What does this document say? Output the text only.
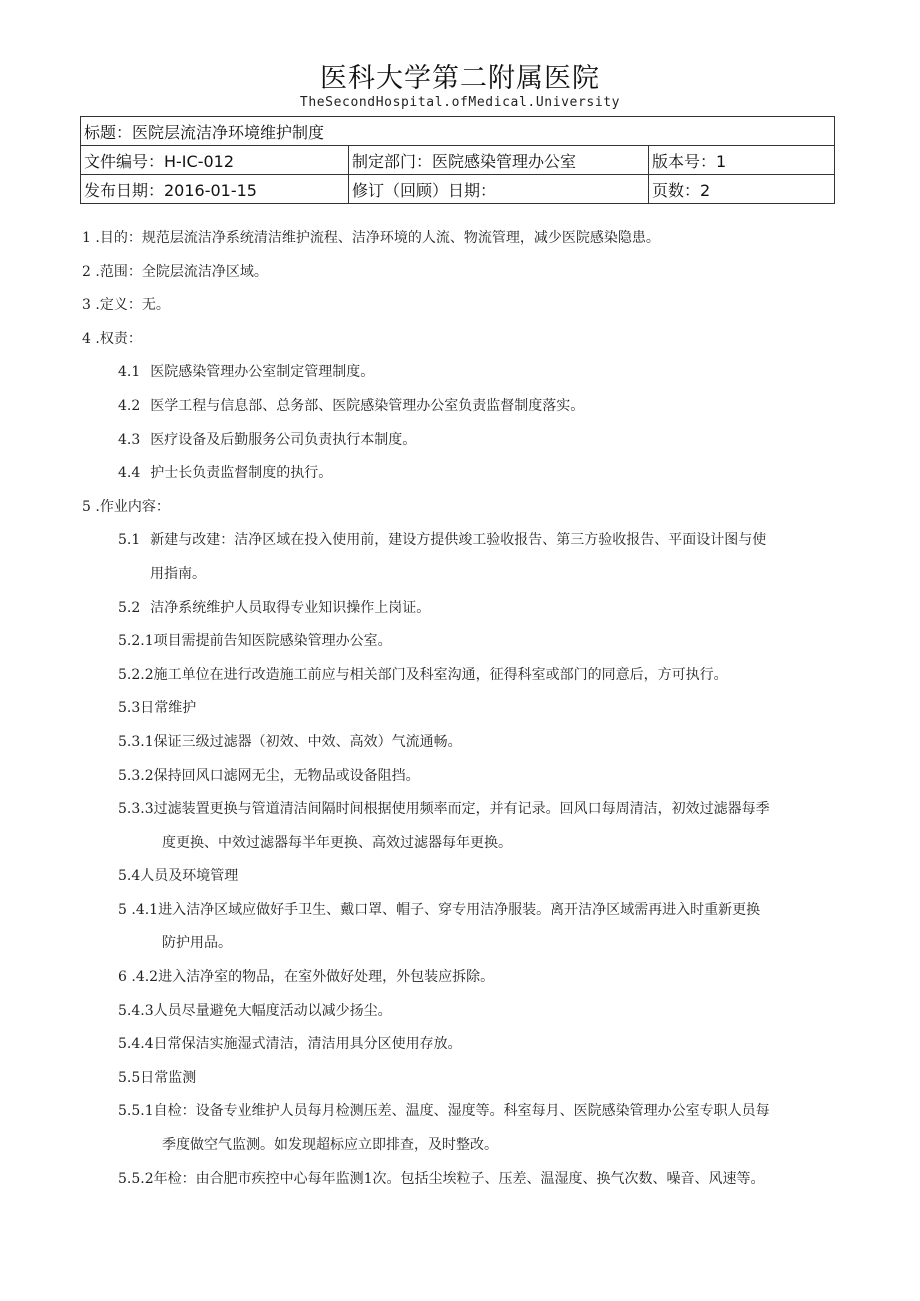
医科大学第二附属医院
TheSecondHospital.ofMedical.University
标题：医院层流洁净环境维护制度		
文件编号：H-IC-012	制定部门：医院感染管理办公室	版本号：1
发布日期：2016-01-15	修订（回顾）日期：	页数：2
1 .目的：规范层流洁净系统清洁维护流程、洁净环境的人流、物流管理，减少医院感染隐患。
2 .范围：全院层流洁净区域。
3 .定义：无。
4 .权责：
4.1 医院感染管理办公室制定管理制度。
4.2 医学工程与信息部、总务部、医院感染管理办公室负责监督制度落实。
4.3 医疗设备及后勤服务公司负责执行本制度。
4.4 护士长负责监督制度的执行。
5 .作业内容：
5.1 新建与改建：洁净区域在投入使用前，建设方提供竣工验收报告、第三方验收报告、平面设计图与使
用指南。
5.2 洁净系统维护人员取得专业知识操作上岗证。
5.2.1项目需提前告知医院感染管理办公室。
5.2.2施工单位在进行改造施工前应与相关部门及科室沟通，征得科室或部门的同意后，方可执行。
5.3日常维护
5.3.1保证三级过滤器（初效、中效、高效）气流通畅。
5.3.2保持回风口滤网无尘，无物品或设备阻挡。
5.3.3过滤装置更换与管道清洁间隔时间根据使用频率而定，并有记录。回风口每周清洁，初效过滤器每季
度更换、中效过滤器每半年更换、高效过滤器每年更换。
5.4人员及环境管理
5 .4.1进入洁净区域应做好手卫生、戴口罩、帽子、穿专用洁净服装。离开洁净区域需再进入时重新更换
防护用品。
6 .4.2进入洁净室的物品，在室外做好处理，外包装应拆除。
5.4.3人员尽量避免大幅度活动以减少扬尘。
5.4.4日常保洁实施湿式清洁，清洁用具分区使用存放。
5.5日常监测
5.5.1自检：设备专业维护人员每月检测压差、温度、湿度等。科室每月、医院感染管理办公室专职人员每
季度做空气监测。如发现超标应立即排查，及时整改。
5.5.2年检：由合肥市疾控中心每年监测1次。包括尘埃粒子、压差、温湿度、换气次数、噪音、风速等。
